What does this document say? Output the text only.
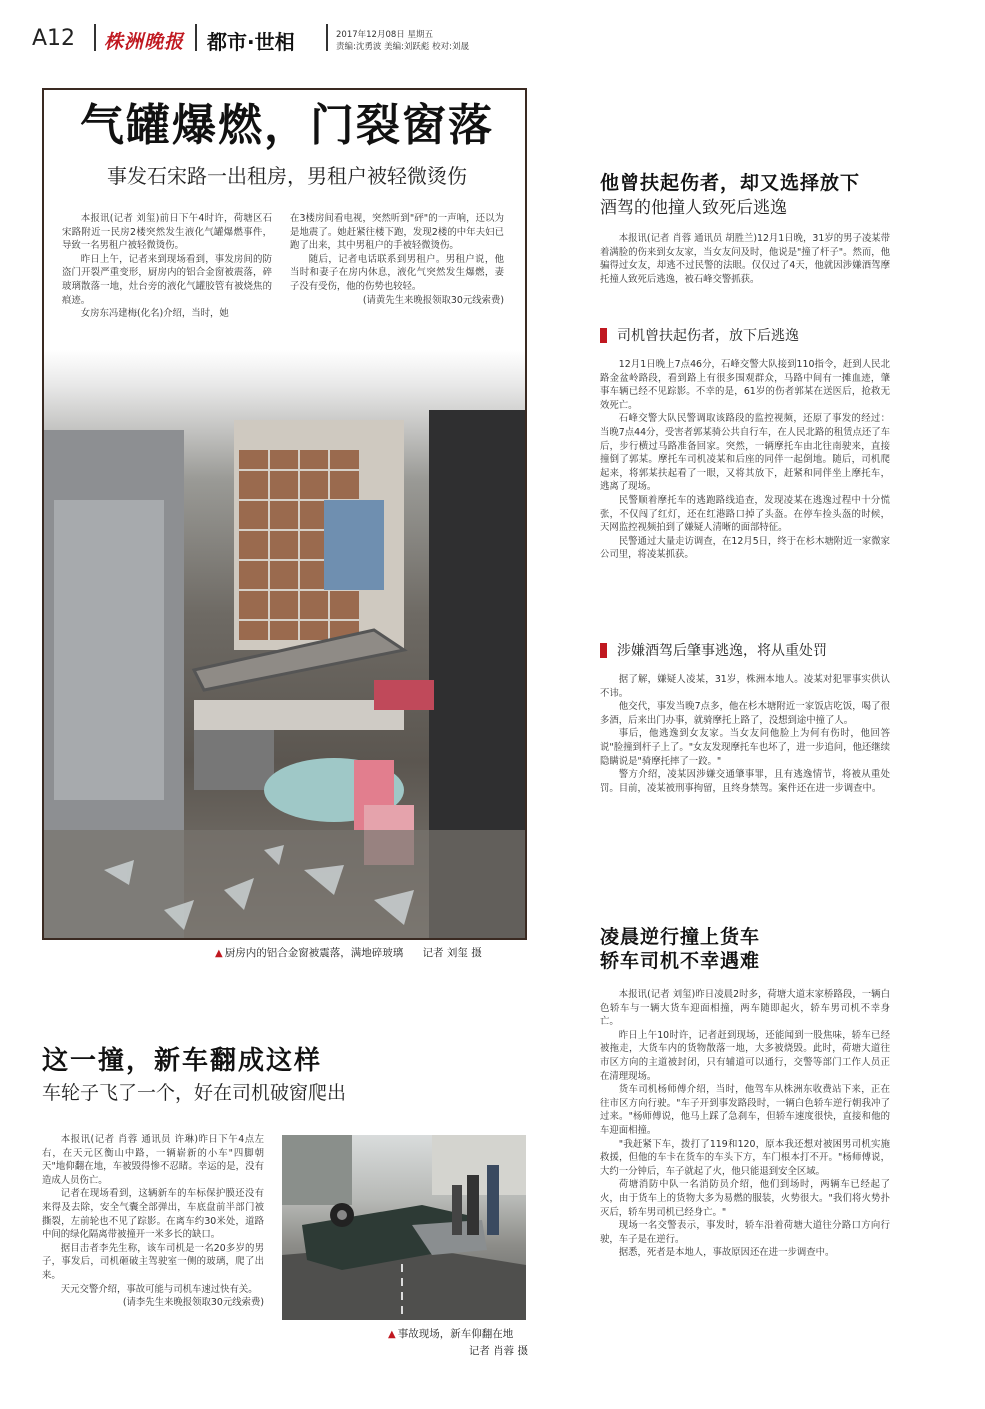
A12 株洲晚报 都市·世相	2017年12月08日 星期五
责编:沈勇波 美编:刘跃彪 校对:刘晟
气罐爆燃，门裂窗落
事发石宋路一出租房，男租户被轻微烫伤

本报讯(记者 刘玺)前日下午4时许，荷塘区石宋路附近一民房2楼突然发生液化气罐爆燃事件，导致一名男租户被轻微烫伤。

昨日上午，记者来到现场看到，事发房间的防盗门开裂严重变形，厨房内的铝合金窗被震落，碎玻璃散落一地，灶台旁的液化气罐胶管有被烧焦的痕迹。

女房东冯建梅(化名)介绍，当时，她

在3楼房间看电视，突然听到"砰"的一声响，还以为是地震了。她赶紧往楼下跑，发现2楼的中年夫妇已跑了出来，其中男租户的手被轻微烫伤。

随后，记者电话联系到男租户。男租户说，他当时和妻子在房内休息，液化气突然发生爆燃，妻子没有受伤，他的伤势也较轻。

(请黄先生来晚报领取30元线索费)

▲ 厨房内的铝合金窗被震落，满地碎玻璃 记者 刘玺 摄
他曾扶起伤者，却又选择放下
酒驾的他撞人致死后逃逸

本报讯(记者 肖蓉 通讯员 胡胜兰)12月1日晚，31岁的男子凌某带着满脸的伤来到女友家，当女友问及时，他说是"撞了杆子"。然而，他骗得过女友，却逃不过民警的法眼。仅仅过了4天，他就因涉嫌酒驾摩托撞人致死后逃逸，被石峰交警抓获。

司机曾扶起伤者，放下后逃逸

12月1日晚上7点46分，石峰交警大队接到110指令，赶到人民北路金盆岭路段，看到路上有很多围观群众，马路中间有一摊血迹，肇事车辆已经不见踪影。不幸的是，61岁的伤者郭某在送医后，抢救无效死亡。

石峰交警大队民警调取该路段的监控视频，还原了事发的经过：当晚7点44分，受害者郭某骑公共自行车，在人民北路的租赁点还了车后，步行横过马路准备回家。突然，一辆摩托车由北往南驶来，直接撞倒了郭某。摩托车司机凌某和后座的同伴一起倒地。随后，司机爬起来，将郭某扶起看了一眼，又将其放下，赶紧和同伴坐上摩托车，逃离了现场。

民警顺着摩托车的逃跑路线追查，发现凌某在逃逸过程中十分慌张，不仅闯了红灯，还在红港路口掉了头盔。在停车捡头盔的时候，天网监控视频拍到了嫌疑人清晰的面部特征。

民警通过大量走访调查，在12月5日，终于在杉木塘附近一家微家公司里，将凌某抓获。

涉嫌酒驾后肇事逃逸，将从重处罚

据了解，嫌疑人凌某，31岁，株洲本地人。凌某对犯罪事实供认不讳。

他交代，事发当晚7点多，他在杉木塘附近一家饭店吃饭，喝了很多酒，后来出门办事，就骑摩托上路了，没想到途中撞了人。

事后，他逃逸到女友家。当女友问他脸上为何有伤时，他回答说"脸撞到杆子上了。"女友发现摩托车也坏了，进一步追问，他还继续隐瞒说是"骑摩托摔了一跤。"

警方介绍，凌某因涉嫌交通肇事罪，且有逃逸情节，将被从重处罚。目前，凌某被刑事拘留，且终身禁驾。案件还在进一步调查中。

凌晨逆行撞上货车
轿车司机不幸遇难

本报讯(记者 刘玺)昨日凌晨2时多，荷塘大道末家桥路段，一辆白色轿车与一辆大货车迎面相撞，两车随即起火，轿车男司机不幸身亡。

昨日上午10时许，记者赶到现场，还能闻到一股焦味，轿车已经被拖走，大货车内的货物散落一地，大多被烧毁。此时，荷塘大道往市区方向的主道被封闭，只有辅道可以通行，交警等部门工作人员正在清理现场。

货车司机杨师傅介绍，当时，他驾车从株洲东收费站下来，正在往市区方向行驶。"车子开到事发路段时，一辆白色轿车逆行朝我冲了过来。"杨师傅说，他马上踩了急刹车，但轿车速度很快，直接和他的车迎面相撞。

"我赶紧下车，拨打了119和120，原本我还想对被困男司机实施救援，但他的车卡在货车的车头下方，车门根本打不开。"杨师傅说，大约一分钟后，车子就起了火，他只能退到安全区域。

荷塘消防中队一名消防员介绍，他们到场时，两辆车已经起了火，由于货车上的货物大多为易燃的服装，火势很大。"我们将火势扑灭后，轿车男司机已经身亡。"

现场一名交警表示，事发时，轿车沿着荷塘大道往分路口方向行驶，车子是在逆行。

据悉，死者是本地人，事故原因还在进一步调查中。

这一撞，新车翻成这样
车轮子飞了一个，好在司机破窗爬出

本报讯(记者 肖蓉 通讯员 许琳)昨日下午4点左右，在天元区衡山中路，一辆崭新的小车"四脚朝天"地仰翻在地，车被毁得惨不忍睹。幸运的是，没有造成人员伤亡。

记者在现场看到，这辆新车的车标保护膜还没有来得及去除，安全气囊全部弹出，车底盘前半部门被撕裂，左前轮也不见了踪影。在离车约30米处，道路中间的绿化隔离带被撞开一米多长的缺口。

据目击者李先生称，该车司机是一名20多岁的男子，事发后，司机砸破主驾驶室一侧的玻璃，爬了出来。

天元交警介绍，事故可能与司机车速过快有关。

(请李先生来晚报领取30元线索费)

▲ 事故现场，新车仰翻在地
记者 肖蓉 摄
